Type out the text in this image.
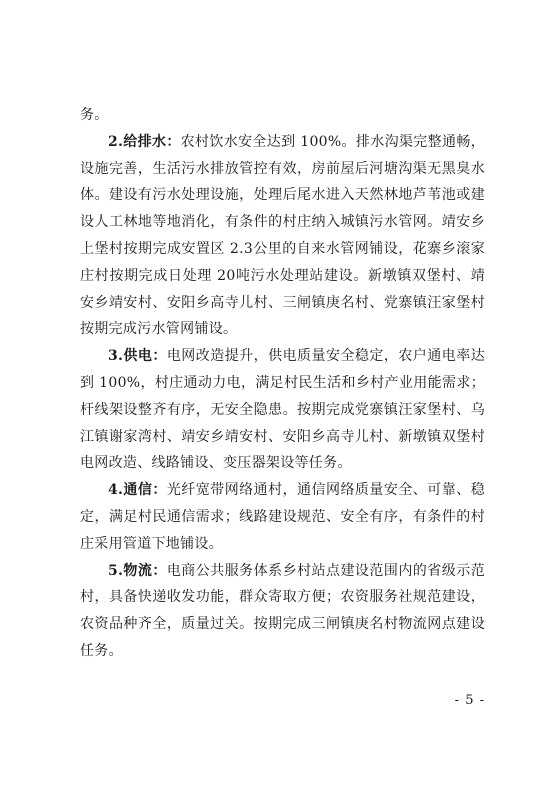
务。

2.给排水：农村饮水安全达到 100%。排水沟渠完整通畅，设施完善，生活污水排放管控有效，房前屋后河塘沟渠无黑臭水体。建设有污水处理设施，处理后尾水进入天然林地芦苇池或建设人工林地等地消化，有条件的村庄纳入城镇污水管网。靖安乡上堡村按期完成安置区 2.3公里的自来水管网铺设，花寨乡滚家庄村按期完成日处理 20吨污水处理站建设。新墩镇双堡村、靖安乡靖安村、安阳乡高寺儿村、三闸镇庚名村、党寨镇汪家堡村按期完成污水管网铺设。

3.供电：电网改造提升，供电质量安全稳定，农户通电率达到 100%，村庄通动力电，满足村民生活和乡村产业用能需求；杆线架设整齐有序，无安全隐患。按期完成党寨镇汪家堡村、乌江镇谢家湾村、靖安乡靖安村、安阳乡高寺儿村、新墩镇双堡村电网改造、线路铺设、变压器架设等任务。

4.通信：光纤宽带网络通村，通信网络质量安全、可靠、稳定，满足村民通信需求；线路建设规范、安全有序，有条件的村庄采用管道下地铺设。

5.物流：电商公共服务体系乡村站点建设范围内的省级示范村，具备快递收发功能，群众寄取方便；农资服务社规范建设，农资品种齐全，质量过关。按期完成三闸镇庚名村物流网点建设任务。

- 5 -
